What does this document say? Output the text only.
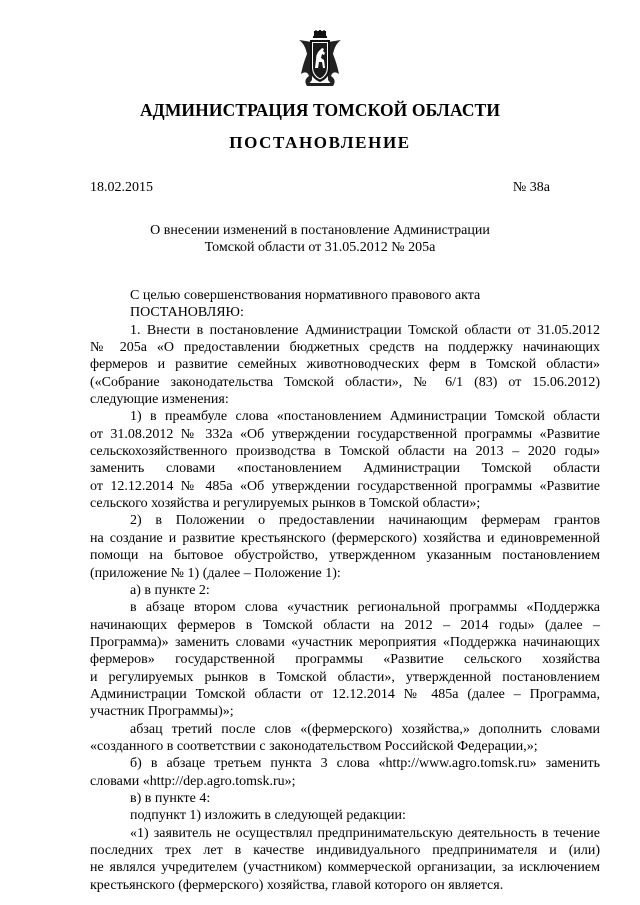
АДМИНИСТРАЦИЯ ТОМСКОЙ ОБЛАСТИ
ПОСТАНОВЛЕНИЕ
18.02.2015	№ 38а
О внесении изменений в постановление Администрации
Томской области от 31.05.2012 № 205а

С целью совершенствования нормативного правового акта

ПОСТАНОВЛЯЮ:

1. Внести в постановление Администрации Томской области от 31.05.2012
№ 205а «О предоставлении бюджетных средств на поддержку начинающих
фермеров и развитие семейных животноводческих ферм в Томской области»
(«Собрание законодательства Томской области», № 6/1 (83) от 15.06.2012)
следующие изменения:

1) в преамбуле слова «постановлением Администрации Томской области
от 31.08.2012 № 332а «Об утверждении государственной программы «Развитие
сельскохозяйственного производства в Томской области на 2013 – 2020 годы»
заменить словами «постановлением Администрации Томской области
от 12.12.2014 № 485а «Об утверждении государственной программы «Развитие
сельского хозяйства и регулируемых рынков в Томской области»;

2) в Положении о предоставлении начинающим фермерам грантов
на создание и развитие крестьянского (фермерского) хозяйства и единовременной
помощи на бытовое обустройство, утвержденном указанным постановлением
(приложение № 1) (далее – Положение 1):

а) в пункте 2:

в абзаце втором слова «участник региональной программы «Поддержка
начинающих фермеров в Томской области на 2012 – 2014 годы» (далее –
Программа)» заменить словами «участник мероприятия «Поддержка начинающих
фермеров» государственной программы «Развитие сельского хозяйства
и регулируемых рынков в Томской области», утвержденной постановлением
Администрации Томской области от 12.12.2014 № 485а (далее – Программа,
участник Программы)»;

абзац третий после слов «(фермерского) хозяйства,» дополнить словами
«созданного в соответствии с законодательством Российской Федерации,»;

б) в абзаце третьем пункта 3 слова «http://www.agro.tomsk.ru» заменить
словами «http://dep.agro.tomsk.ru»;

в) в пункте 4:

подпункт 1) изложить в следующей редакции:

«1) заявитель не осуществлял предпринимательскую деятельность в течение
последних трех лет в качестве индивидуального предпринимателя и (или)
не являлся учредителем (участником) коммерческой организации, за исключением
крестьянского (фермерского) хозяйства, главой которого он является.
